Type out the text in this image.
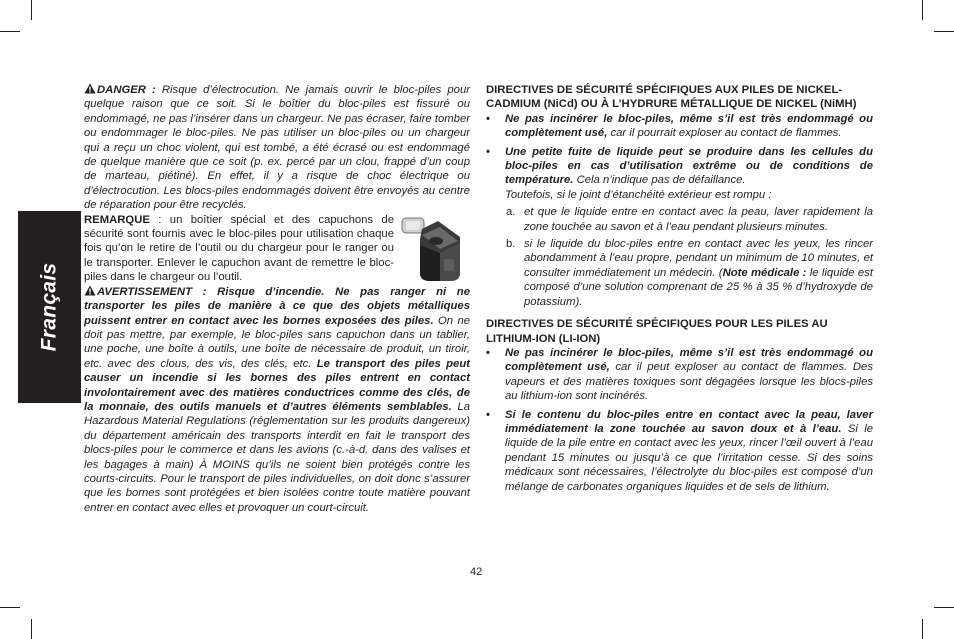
Français

DANGER : Risque d’électrocution. Ne jamais ouvrir le bloc-piles pour quelque raison que ce soit. Si le boîtier du bloc-piles est fissuré ou endommagé, ne pas l’insérer dans un chargeur. Ne pas écraser, faire tomber ou endommager le bloc-piles. Ne pas utiliser un bloc-piles ou un chargeur qui a reçu un choc violent, qui est tombé, a été écrasé ou est endommagé de quelque manière que ce soit (p. ex. percé par un clou, frappé d’un coup de marteau, piétiné). En effet, il y a risque de choc électrique ou d’électrocution. Les blocs-piles endommagés doivent être envoyés au centre de réparation pour être recyclés.

REMARQUE : un boîtier spécial et des capuchons de sécurité sont fournis avec le bloc-piles pour utilisation chaque fois qu’on le retire de l’outil ou du chargeur pour le ranger ou le transporter. Enlever le capuchon avant de remettre le bloc-piles dans le chargeur ou l’outil.

AVERTISSEMENT : Risque d’incendie. Ne pas ranger ni ne transporter les piles de manière à ce que des objets métalliques puissent entrer en contact avec les bornes exposées des piles. On ne doit pas mettre, par exemple, le bloc-piles sans capuchon dans un tablier, une poche, une boîte à outils, une boîte de nécessaire de produit, un tiroir, etc. avec des clous, des vis, des clés, etc. Le transport des piles peut causer un incendie si les bornes des piles entrent en contact involontairement avec des matières conductrices comme des clés, de la monnaie, des outils manuels et d’autres éléments semblables. La Hazardous Material Regulations (réglementation sur les produits dangereux) du département américain des transports interdit en fait le transport des blocs-piles pour le commerce et dans les avions (c.-à-d. dans des valises et les bagages à main) À MOINS qu’ils ne soient bien protégés contre les courts-circuits. Pour le transport de piles individuelles, on doit donc s’assurer que les bornes sont protégées et bien isolées contre toute matière pouvant entrer en contact avec elles et provoquer un court-circuit.

DIRECTIVES DE SÉCURITÉ SPÉCIFIQUES AUX PILES DE NICKEL-CADMIUM (NiCd) OU À L’HYDRURE MÉTALLIQUE DE NICKEL (NiMH)

• Ne pas incinérer le bloc-piles, même s’il est très endommagé ou complètement usé, car il pourrait exploser au contact de flammes.
• Une petite fuite de liquide peut se produire dans les cellules du bloc-piles en cas d’utilisation extrême ou de conditions de température. Cela n’indique pas de défaillance.
Toutefois, si le joint d’étanchéité extérieur est rompu :
a. et que le liquide entre en contact avec la peau, laver rapidement la zone touchée au savon et à l’eau pendant plusieurs minutes.
b. si le liquide du bloc-piles entre en contact avec les yeux, les rincer abondamment à l’eau propre, pendant un minimum de 10 minutes, et consulter immédiatement un médecin. (Note médicale : le liquide est composé d’une solution comprenant de 25 % à 35 % d’hydroxyde de potassium).

DIRECTIVES DE SÉCURITÉ SPÉCIFIQUES POUR LES PILES AU LITHIUM-ION (LI-ION)

• Ne pas incinérer le bloc-piles, même s’il est très endommagé ou complètement usé, car il peut exploser au contact de flammes. Des vapeurs et des matières toxiques sont dégagées lorsque les blocs-piles au lithium-ion sont incinérés.
• Si le contenu du bloc-piles entre en contact avec la peau, laver immédiatement la zone touchée au savon doux et à l’eau. Si le liquide de la pile entre en contact avec les yeux, rincer l’œil ouvert à l’eau pendant 15 minutes ou jusqu’à ce que l’irritation cesse. Si des soins médicaux sont nécessaires, l’électrolyte du bloc-piles est composé d’un mélange de carbonates organiques liquides et de sels de lithium.
42
